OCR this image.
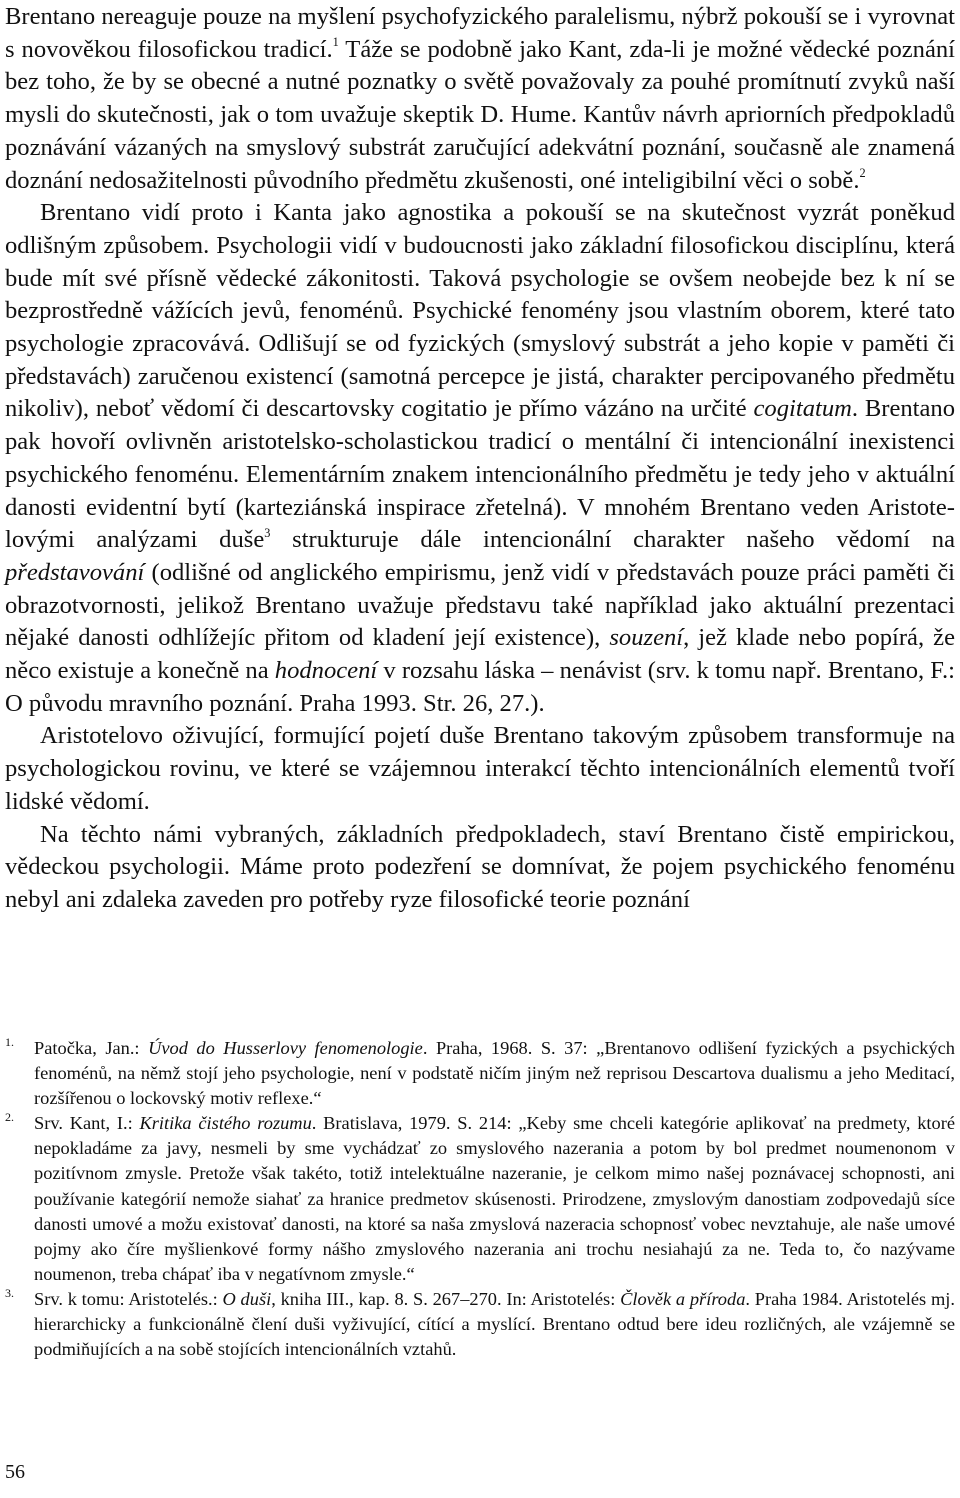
Brentano nereaguje pouze na myšlení psychofyzického paralelismu, nýbrž pokouší se i vyrovnat s novověkou filosofickou tradicí.$^1$ Táže se podobně jako Kant, zda-li je možné vědecké poznání bez toho, že by se obecné a nutné poznatky o světě považovaly za pouhé promítnutí zvyků naší mysli do skutečnosti, jak o tom uvažuje skeptik D. Hume. Kantův návrh apriorních předpokladů poznávání vázaných na smyslový substrát zaručující adekvátní poznání, současně ale znamená doznání nedosažitelnosti původního předmětu zkušenosti, oné inteligibilní věci o sobě.$^2$

Brentano vidí proto i Kanta jako agnostika a pokouší se na skutečnost vyzrát poněkud odlišným způsobem. Psychologii vidí v budoucnosti jako základní filosofickou disciplínu, která bude mít své přísně vědecké zákonitosti. Taková psychologie se ovšem neobejde bez k ní se bezprostředně vážících jevů, fenoménů. Psychické fenomény jsou vlastním oborem, které tato psychologie zpracovává. Odlišují se od fyzických (smyslový substrát a jeho kopie v paměti či představách) zaručenou existencí (samotná percepce je jistá, charakter percipovaného předmětu nikoliv), neboť vědomí či descartovsky cogitatio je přímo vázáno na určité cogitatum. Brentano pak hovoří ovlivněn aristotelsko-scholastickou tradicí o mentální či intencionální inexistenci psychického fenoménu. Elementárním znakem intencionálního předmětu je tedy jeho v aktuální danosti evidentní bytí (karteziánská inspirace zřetelná). V mnohém Brentano veden Aristotelovými analýzami duše$^3$ strukturuje dále intencionální charakter našeho vědomí na představování (odlišné od anglického empirismu, jenž vidí v představách pouze práci paměti či obrazotvornosti, jelikož Brentano uvažuje představu také například jako aktuální prezentaci nějaké danosti odhlížejíc přitom od kladení její existence), souzení, jež klade nebo popírá, že něco existuje a konečně na hodnocení v rozsahu láska – nenávist (srv. k tomu např. Brentano, F.: O původu mravního poznání. Praha 1993. Str. 26, 27.).

Aristotelovo oživující, formující pojetí duše Brentano takovým způsobem transformuje na psychologickou rovinu, ve které se vzájemnou interakcí těchto intencionálních elementů tvoří lidské vědomí.

Na těchto námi vybraných, základních předpokladech, staví Brentano čistě empirickou, vědeckou psychologii. Máme proto podezření se domnívat, že pojem psychického fenoménu nebyl ani zdaleka zaveden pro potřeby ryze filosofické teorie poznání

1. Patočka, Jan.: Úvod do Husserlovy fenomenologie. Praha, 1968. S. 37: „Brentanovo odlišení fyzických a psychických fenoménů, na němž stojí jeho psychologie, není v podstatě ničím jiným než reprisou Descartova dualismu a jeho Meditací, rozšířenou o lockovský motiv reflexe.“

2. Srv. Kant, I.: Kritika čistého rozumu. Bratislava, 1979. S. 214: „Keby sme chceli kategórie aplikovať na predmety, ktoré nepokladáme za javy, nesmeli by sme vychádzať zo smyslového nazerania a potom by bol predmet noumenonom v pozitívnom zmysle. Pretože však takéto, totiž intelektuálne nazeranie, je celkom mimo našej poznávacej schopnosti, ani používanie kategórií nemože siahať za hranice predmetov skúsenosti. Prirodzene, zmyslovým danostiam zodpovedajů síce danosti umové a možu existovať danosti, na ktoré sa naša zmyslová nazeracia schopnosť vobec nevztahuje, ale naše umové pojmy ako číre myšlienkové formy nášho zmyslového nazerania ani trochu nesiahajú za ne. Teda to, čo nazývame noumenon, treba chápať iba v negatívnom zmysle.“

3. Srv. k tomu: Aristotelés.: O duši, kniha III., kap. 8. S. 267–270. In: Aristotelés: Člověk a příroda. Praha 1984. Aristotelés mj. hierarchicky a funkcionálně člení duši vyživující, cítící a myslící. Brentano odtud bere ideu rozličných, ale vzájemně se podmiňujících a na sobě stojících intencionálních vztahů.

56
